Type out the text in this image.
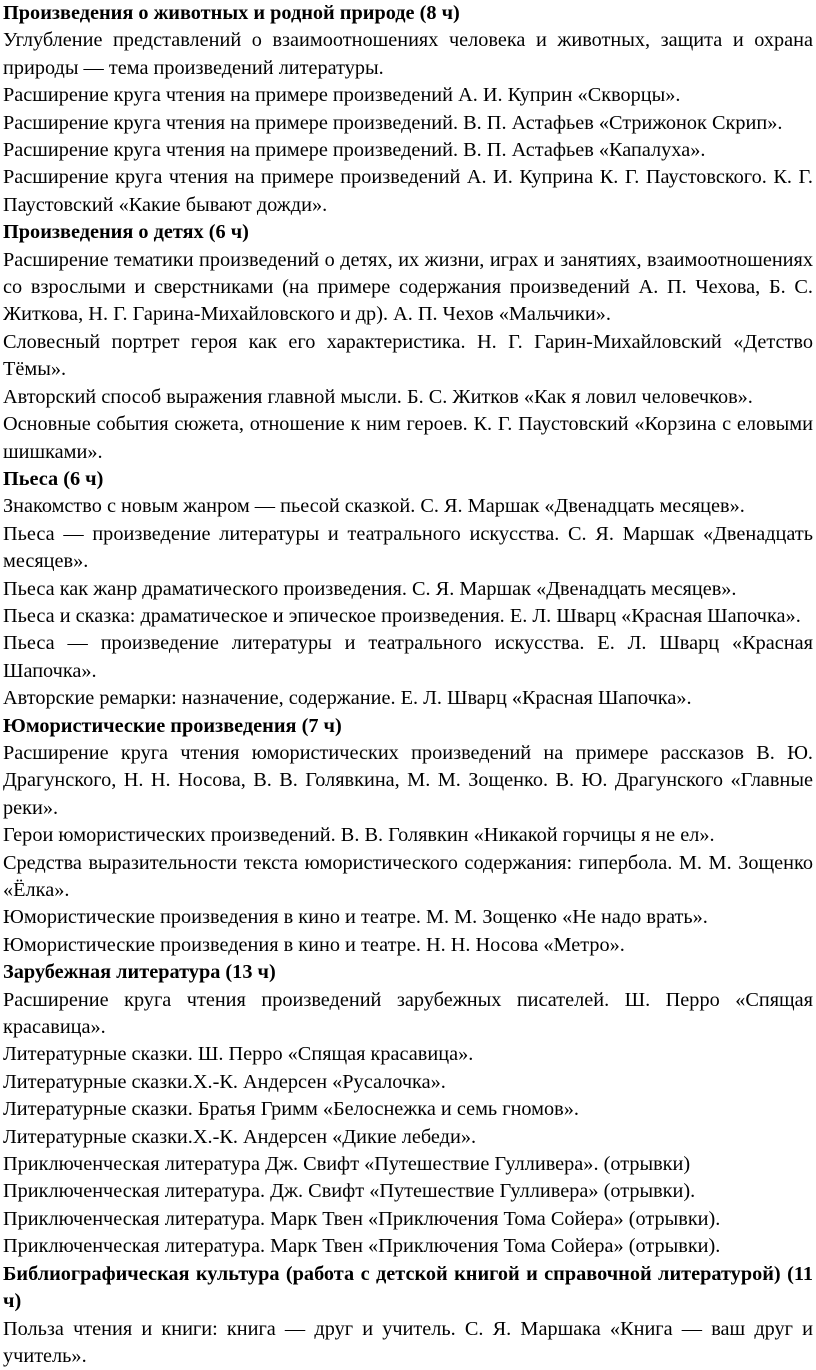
Произведения о животных и родной природе (8 ч)

Углубление представлений о взаимоотношениях человека и животных, защита и охрана природы — тема произведений литературы.

Расширение круга чтения на примере произведений А. И. Куприн «Скворцы».

Расширение круга чтения на примере произведений. В. П. Астафьев «Стрижонок Скрип».

Расширение круга чтения на примере произведений. В. П. Астафьев «Капалуха».

Расширение круга чтения на примере произведений А. И. Куприна К. Г. Паустовского. К. Г. Паустовский «Какие бывают дожди».

Произведения о детях (6 ч)

Расширение тематики произведений о детях, их жизни, играх и занятиях, взаимоотношениях со взрослыми и сверстниками (на примере содержания произведений А. П. Чехова, Б. С. Житкова, Н. Г. Гарина-Михайловского и др). А. П. Чехов «Мальчики».

Словесный портрет героя как его характеристика. Н. Г. Гарин-Михайловский «Детство Тёмы».

Авторский способ выражения главной мысли. Б. С. Житков «Как я ловил человечков».

Основные события сюжета, отношение к ним героев. К. Г. Паустовский «Корзина с еловыми шишками».

Пьеса (6 ч)

Знакомство с новым жанром — пьесой сказкой. С. Я. Маршак «Двенадцать месяцев».

Пьеса — произведение литературы и театрального искусства. С. Я. Маршак «Двенадцать месяцев».

Пьеса как жанр драматического произведения. С. Я. Маршак «Двенадцать месяцев».

Пьеса и сказка: драматическое и эпическое произведения. Е. Л. Шварц «Красная Шапочка».

Пьеса — произведение литературы и театрального искусства. Е. Л. Шварц «Красная Шапочка».

Авторские ремарки: назначение, содержание. Е. Л. Шварц «Красная Шапочка».

Юмористические произведения (7 ч)

Расширение круга чтения юмористических произведений на примере рассказов В. Ю. Драгунского, Н. Н. Носова, В. В. Голявкина, М. М. Зощенко. В. Ю. Драгунского «Главные реки».

Герои юмористических произведений. В. В. Голявкин «Никакой горчицы я не ел».

Средства выразительности текста юмористического содержания: гипербола. М. М. Зощенко «Ёлка».

Юмористические произведения в кино и театре. М. М. Зощенко «Не надо врать».

Юмористические произведения в кино и театре. Н. Н. Носова «Метро».

Зарубежная литература (13 ч)

Расширение круга чтения произведений зарубежных писателей. Ш. Перро «Спящая красавица».

Литературные сказки. Ш. Перро «Спящая красавица».

Литературные сказки.Х.-К. Андерсен «Русалочка».

Литературные сказки. Братья Гримм «Белоснежка и семь гномов».

Литературные сказки.Х.-К. Андерсен «Дикие лебеди».

Приключенческая литература Дж. Свифт «Путешествие Гулливера». (отрывки)

Приключенческая литература. Дж. Свифт «Путешествие Гулливера» (отрывки).

Приключенческая литература. Марк Твен «Приключения Тома Сойера» (отрывки).

Приключенческая литература. Марк Твен «Приключения Тома Сойера» (отрывки).

Библиографическая культура (работа с детской книгой и справочной литературой) (11 ч)

Польза чтения и книги: книга — друг и учитель. С. Я. Маршака «Книга — ваш друг и учитель».
